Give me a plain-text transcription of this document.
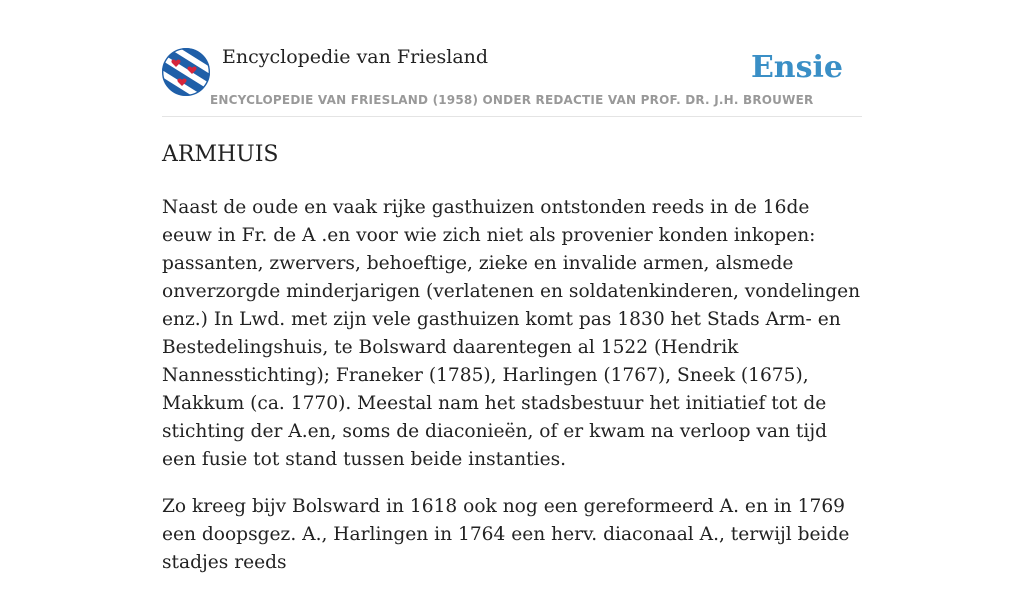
Encyclopedie van Friesland	Ensie
ENCYCLOPEDIE VAN FRIESLAND (1958) ONDER REDACTIE VAN PROF. DR. J.H. BROUWER
ARMHUIS

Naast de oude en vaak rijke gasthuizen ontstonden reeds in de 16de eeuw in Fr. de A .en voor wie zich niet als provenier konden inkopen: passanten, zwervers, behoeftige, zieke en invalide armen, alsmede onverzorgde minderjarigen (verlatenen en soldatenkinderen, vondelingen enz.) In Lwd. met zijn vele gasthuizen komt pas 1830 het Stads Arm- en Bestedelingshuis, te Bolsward daarentegen al 1522 (Hendrik Nannesstichting); Franeker (1785), Harlingen (1767), Sneek (1675), Makkum (ca. 1770). Meestal nam het stadsbestuur het initiatief tot de stichting der A.en, soms de diaconieën, of er kwam na verloop van tijd een fusie tot stand tussen beide instanties.

Zo kreeg bijv Bolsward in 1618 ook nog een gereformeerd A. en in 1769 een doopsgez. A., Harlingen in 1764 een herv. diaconaal A., terwijl beide stadjes reeds
